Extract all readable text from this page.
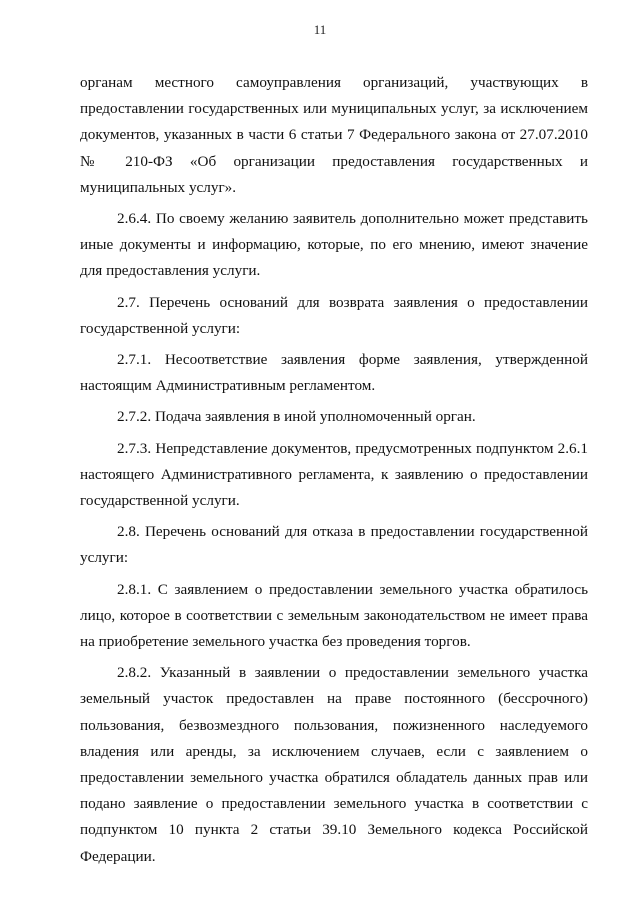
11

органам местного самоуправления организаций, участвующих в предоставлении государственных или муниципальных услуг, за исключением документов, указанных в части 6 статьи 7 Федерального закона от 27.07.2010 № 210-ФЗ «Об организации предоставления государственных и муниципальных услуг».

2.6.4. По своему желанию заявитель дополнительно может представить иные документы и информацию, которые, по его мнению, имеют значение для предоставления услуги.

2.7. Перечень оснований для возврата заявления о предоставлении государственной услуги:

2.7.1. Несоответствие заявления форме заявления, утвержденной настоящим Административным регламентом.

2.7.2. Подача заявления в иной уполномоченный орган.

2.7.3. Непредставление документов, предусмотренных подпунктом 2.6.1 настоящего Административного регламента, к заявлению о предоставлении государственной услуги.

2.8. Перечень оснований для отказа в предоставлении государственной услуги:

2.8.1. С заявлением о предоставлении земельного участка обратилось лицо, которое в соответствии с земельным законодательством не имеет права на приобретение земельного участка без проведения торгов.

2.8.2. Указанный в заявлении о предоставлении земельного участка земельный участок предоставлен на праве постоянного (бессрочного) пользования, безвозмездного пользования, пожизненного наследуемого владения или аренды, за исключением случаев, если с заявлением о предоставлении земельного участка обратился обладатель данных прав или подано заявление о предоставлении земельного участка в соответствии с подпунктом 10 пункта 2 статьи 39.10 Земельного кодекса Российской Федерации.
